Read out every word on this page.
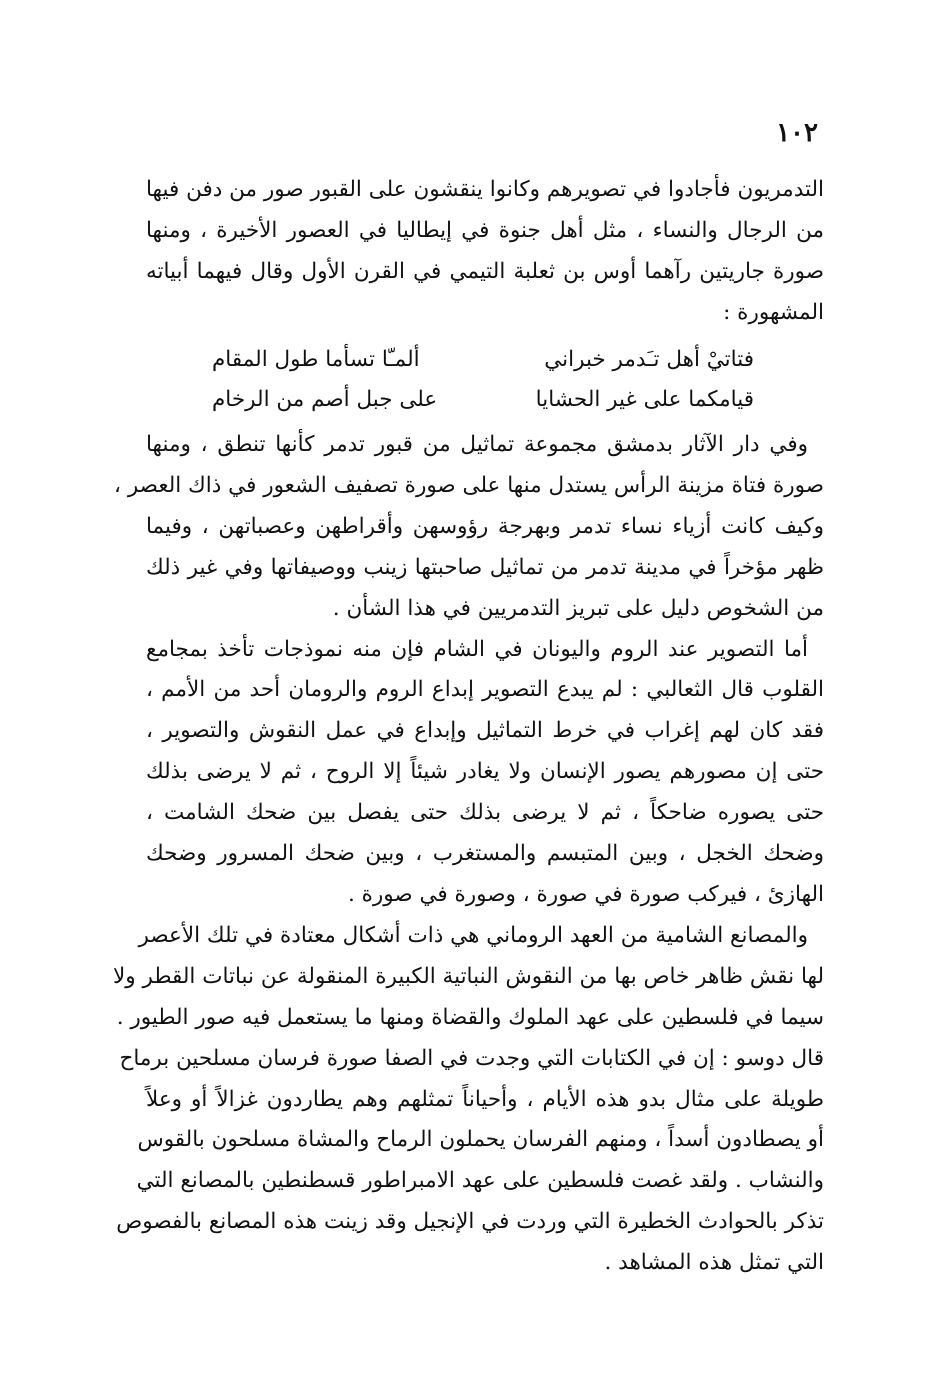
١٠٢
التدمريون فأجادوا في تصويرهم وكانوا ينقشون على القبور صور من دفن فيها
من الرجال والنساء ، مثل أهل جنوة في إيطاليا في العصور الأخيرة ، ومنها
صورة جاريتين رآهما أوس بن ثعلبة التيمي في القرن الأول وقال فيهما أبياته
المشهورة :
فتاتيْ أهل تـَدمر خبراني
ألمـّا تسأما طول المقام
قيامكما على غير الحشايا
على جبل أصم من الرخام
وفي دار الآثار بدمشق مجموعة تماثيل من قبور تدمر كأنها تنطق ، ومنها
صورة فتاة مزينة الرأس يستدل منها على صورة تصفيف الشعور في ذاك العصر ،
وكيف كانت أزياء نساء تدمر وبهرجة رؤوسهن وأقراطهن وعصباتهن ، وفيما
ظهر مؤخراً في مدينة تدمر من تماثيل صاحبتها زينب ووصيفاتها وفي غير ذلك
من الشخوص دليل على تبريز التدمريين في هذا الشأن .
أما التصوير عند الروم واليونان في الشام فإن منه نموذجات تأخذ بمجامع
القلوب قال الثعالبي : لم يبدع التصوير إبداع الروم والرومان أحد من الأمم ،
فقد كان لهم إغراب في خرط التماثيل وإبداع في عمل النقوش والتصوير ،
حتى إن مصورهم يصور الإنسان ولا يغادر شيئاً إلا الروح ، ثم لا يرضى بذلك
حتى يصوره ضاحكاً ، ثم لا يرضى بذلك حتى يفصل بين ضحك الشامت ،
وضحك الخجل ، وبين المتبسم والمستغرب ، وبين ضحك المسرور وضحك
الهازئ ، فيركب صورة في صورة ، وصورة في صورة .
والمصانع الشامية من العهد الروماني هي ذات أشكال معتادة في تلك الأعصر
لها نقش ظاهر خاص بها من النقوش النباتية الكبيرة المنقولة عن نباتات القطر ولا
سيما في فلسطين على عهد الملوك والقضاة ومنها ما يستعمل فيه صور الطيور .
قال دوسو : إن في الكتابات التي وجدت في الصفا صورة فرسان مسلحين برماح
طويلة على مثال بدو هذه الأيام ، وأحياناً تمثلهم وهم يطاردون غزالاً أو وعلاً
أو يصطادون أسداً ، ومنهم الفرسان يحملون الرماح والمشاة مسلحون بالقوس
والنشاب . ولقد غصت فلسطين على عهد الامبراطور قسطنطين بالمصانع التي
تذكر بالحوادث الخطيرة التي وردت في الإنجيل وقد زينت هذه المصانع بالفصوص
التي تمثل هذه المشاهد .
